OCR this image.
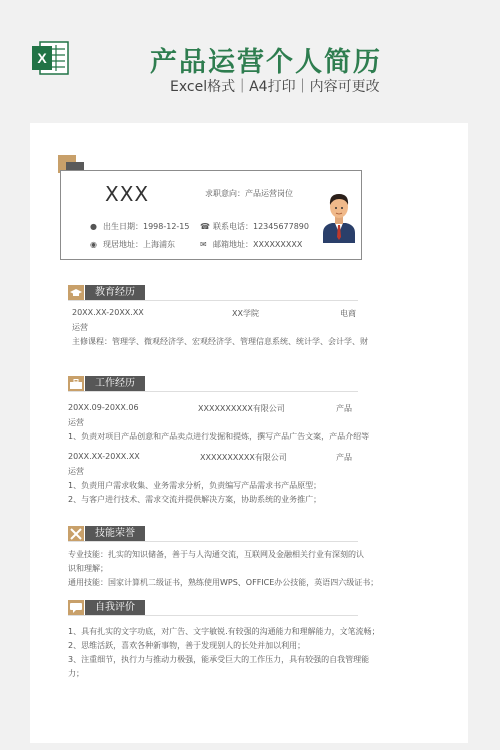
X	产品运营个人简历
Excel格式｜A4打印｜内容可更改
XXX	求职意向：产品运营岗位
● 出生日期：1998-12-15 ☎ 联系电话：12345677890
◉ 现居地址：上海浦东	✉ 邮箱地址：XXXXXXXXX
教育经历
20XX.XX-20XX.XX	XX学院	电商
运营
主修课程：管理学、微观经济学、宏观经济学、管理信息系统、统计学、会计学、财
工作经历
20XX.09-20XX.06	XXXXXXXXXX有限公司	产品
运营
1、负责对项目产品创意和产品卖点进行发掘和提炼，撰写产品广告文案，产品介绍等
20XX.XX-20XX.XX	XXXXXXXXXX有限公司	产品
运营
1、负责用户需求收集、业务需求分析，负责编写产品需求书产品原型；
2、与客户进行技术、需求交流并提供解决方案，协助系统的业务推广；
技能荣誉
专业技能：扎实的知识储备，善于与人沟通交流，互联网及金融相关行业有深刻的认
识和理解；
通用技能：国家计算机二级证书，熟练使用WPS、OFFICE办公技能，英语四六级证书；
自我评价
1、具有扎实的文字功底，对广告、文字敏锐.有较强的沟通能力和理解能力，文笔流畅；
2、思维活跃，喜欢各种新事物，善于发现别人的长处并加以利用；
3、注重细节，执行力与推动力极强，能承受巨大的工作压力，具有较强的自我管理能
力；
